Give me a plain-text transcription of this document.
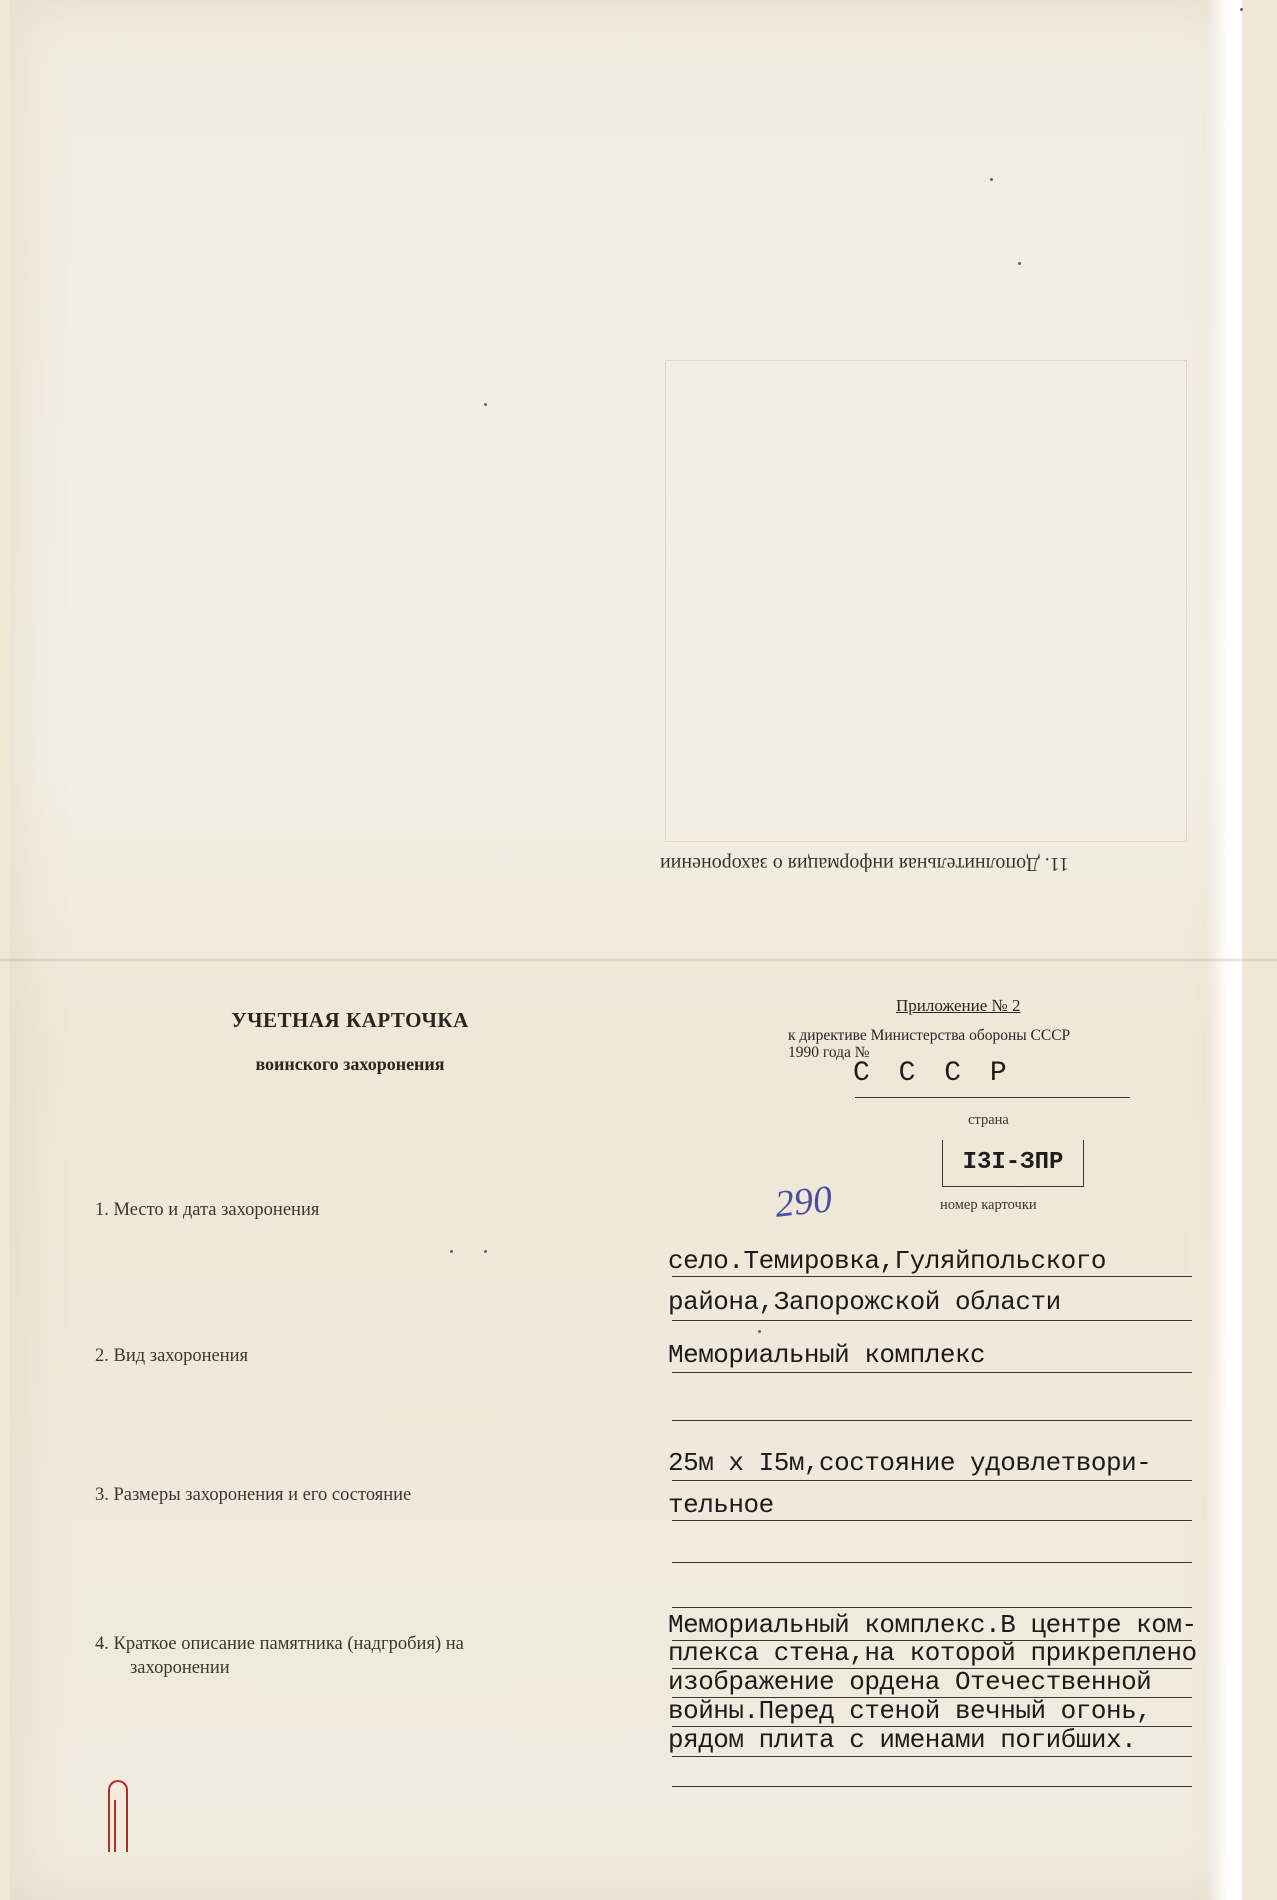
11. Дополнительная информация о захоронении
УЧЕТНАЯ КАРТОЧКА
воинского захоронения
Приложение № 2
к директиве Министерства обороны СССР
1990 года №
С С С Р
страна
I3I-ЗПР
номер карточки
290
1. Место и дата захоронения
село.Темировка,Гуляйпольского
района,Запорожской области
2. Вид захоронения	Мемориальный комплекс
3. Размеры захоронения и его состояние
25м х I5м,состояние удовлетвори-
тельное
4. Краткое описание памятника (надгробия) на
захоронении
Мемориальный комплекс.В центре ком-
плекса стена,на которой прикреплено
изображение ордена Отечественной
войны.Перед стеной вечный огонь,
рядом плита с именами погибших.
